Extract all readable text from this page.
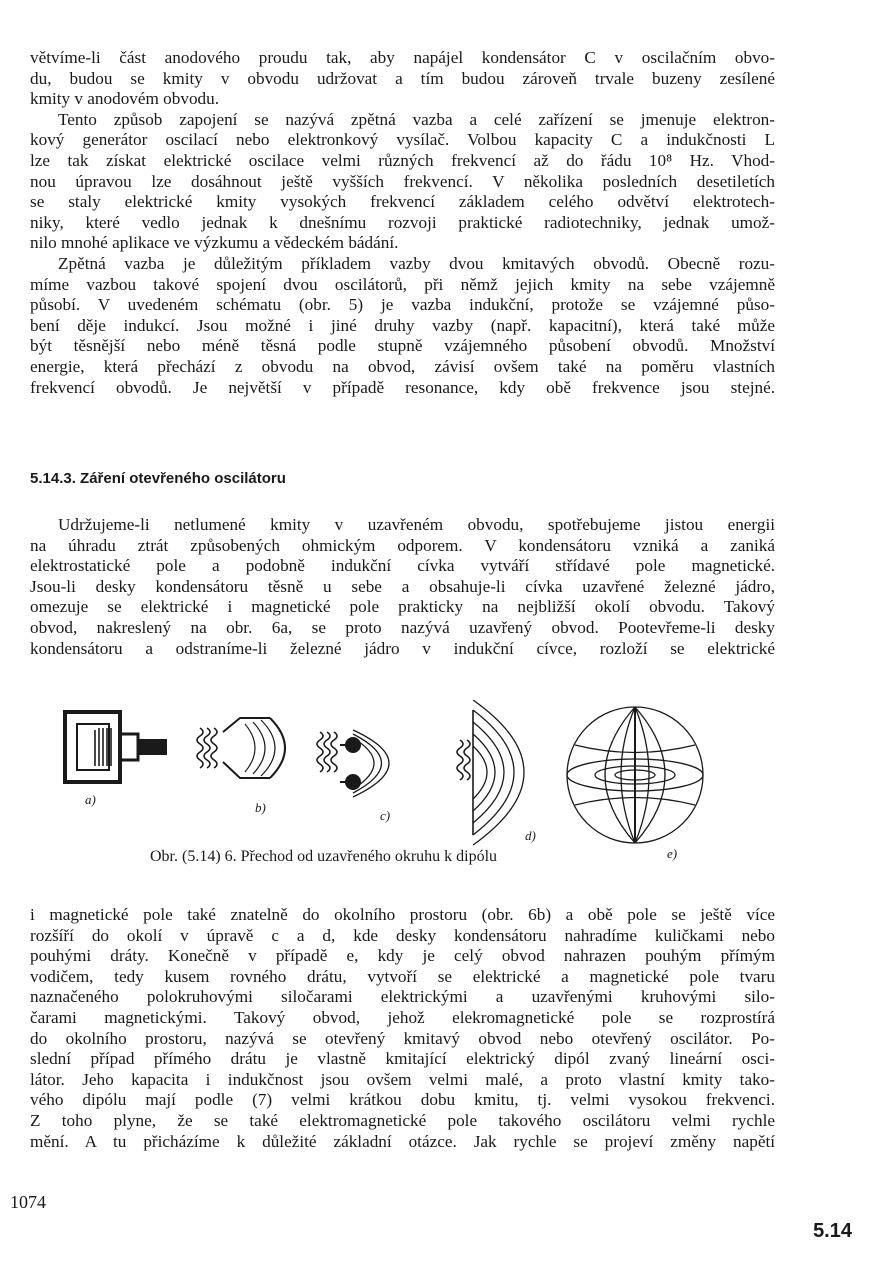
větvíme-li část anodového proudu tak, aby napájel kondensátor C v oscilačním obvo-
du, budou se kmity v obvodu udržovat a tím budou zároveň trvale buzeny zesílené
kmity v anodovém obvodu.
Tento způsob zapojení se nazývá zpětná vazba a celé zařízení se jmenuje elektron-
kový generátor oscilací nebo elektronkový vysílač. Volbou kapacity C a indukčnosti L
lze tak získat elektrické oscilace velmi různých frekvencí až do řádu 10⁸ Hz. Vhod-
nou úpravou lze dosáhnout ještě vyšších frekvencí. V několika posledních desetiletích
se staly elektrické kmity vysokých frekvencí základem celého odvětví elektrotech-
niky, které vedlo jednak k dnešnímu rozvoji praktické radiotechniky, jednak umož-
nilo mnohé aplikace ve výzkumu a vědeckém bádání.
Zpětná vazba je důležitým příkladem vazby dvou kmitavých obvodů. Obecně rozu-
míme vazbou takové spojení dvou oscilátorů, při němž jejich kmity na sebe vzájemně
působí. V uvedeném schématu (obr. 5) je vazba indukční, protože se vzájemné půso-
bení děje indukcí. Jsou možné i jiné druhy vazby (např. kapacitní), která také může
být těsnější nebo méně těsná podle stupně vzájemného působení obvodů. Množství
energie, která přechází z obvodu na obvod, závisí ovšem také na poměru vlastních
frekvencí obvodů. Je největší v případě resonance, kdy obě frekvence jsou stejné.
5.14.3. Záření otevřeného oscilátoru
Udržujeme-li netlumené kmity v uzavřeném obvodu, spotřebujeme jistou energii
na úhradu ztrát způsobených ohmickým odporem. V kondensátoru vzniká a zaniká
elektrostatické pole a podobně indukční cívka vytváří střídavé pole magnetické.
Jsou-li desky kondensátoru těsně u sebe a obsahuje-li cívka uzavřené železné jádro,
omezuje se elektrické i magnetické pole prakticky na nejbližší okolí obvodu. Takový
obvod, nakreslený na obr. 6a, se proto nazývá uzavřený obvod. Pootevřeme-li desky
kondensátoru a odstraníme-li železné jádro v indukční cívce, rozloží se elektrické
a)
b)
c)
d)
e)
Obr. (5.14) 6. Přechod od uzavřeného okruhu k dipólu
i magnetické pole také znatelně do okolního prostoru (obr. 6b) a obě pole se ještě více
rozšíří do okolí v úpravě c a d, kde desky kondensátoru nahradíme kuličkami nebo
pouhými dráty. Konečně v případě e, kdy je celý obvod nahrazen pouhým přímým
vodičem, tedy kusem rovného drátu, vytvoří se elektrické a magnetické pole tvaru
naznačeného polokruhovými siločarami elektrickými a uzavřenými kruhovými silo-
čarami magnetickými. Takový obvod, jehož elekromagnetické pole se rozprostírá
do okolního prostoru, nazývá se otevřený kmitavý obvod nebo otevřený oscilátor. Po-
slední případ přímého drátu je vlastně kmitající elektrický dipól zvaný lineární osci-
látor. Jeho kapacita i indukčnost jsou ovšem velmi malé, a proto vlastní kmity tako-
vého dipólu mají podle (7) velmi krátkou dobu kmitu, tj. velmi vysokou frekvenci.
Z toho plyne, že se také elektromagnetické pole takového oscilátoru velmi rychle
mění. A tu přicházíme k důležité základní otázce. Jak rychle se projeví změny napětí
1074
5.14
